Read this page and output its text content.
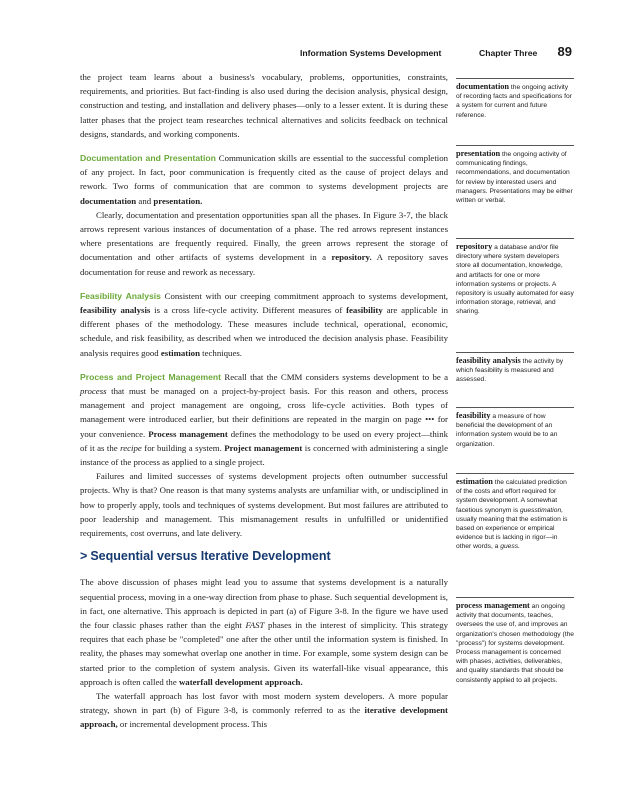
Information Systems Development	Chapter Three 89

the project team learns about a business's vocabulary, problems, opportunities, constraints, requirements, and priorities. But fact-finding is also used during the decision analysis, physical design, construction and testing, and installation and delivery phases—only to a lesser extent. It is during these latter phases that the project team researches technical alternatives and solicits feedback on technical designs, standards, and working components.

Documentation and Presentation Communication skills are essential to the successful completion of any project. In fact, poor communication is frequently cited as the cause of project delays and rework. Two forms of communication that are common to systems development projects are documentation and presentation.

Clearly, documentation and presentation opportunities span all the phases. In Figure 3-7, the black arrows represent various instances of documentation of a phase. The red arrows represent instances where presentations are frequently required. Finally, the green arrows represent the storage of documentation and other artifacts of systems development in a repository. A repository saves documentation for reuse and rework as necessary.

Feasibility Analysis Consistent with our creeping commitment approach to systems development, feasibility analysis is a cross life-cycle activity. Different measures of feasibility are applicable in different phases of the methodology. These measures include technical, operational, economic, schedule, and risk feasibility, as described when we introduced the decision analysis phase. Feasibility analysis requires good estimation techniques.

Process and Project Management Recall that the CMM considers systems development to be a process that must be managed on a project-by-project basis. For this reason and others, process management and project management are ongoing, cross life-cycle activities. Both types of management were introduced earlier, but their definitions are repeated in the margin on page ••• for your convenience. Process management defines the methodology to be used on every project—think of it as the recipe for building a system. Project management is concerned with administering a single instance of the process as applied to a single project.

Failures and limited successes of systems development projects often outnumber successful projects. Why is that? One reason is that many systems analysts are unfamiliar with, or undisciplined in how to properly apply, tools and techniques of systems development. But most failures are attributed to poor leadership and management. This mismanagement results in unfulfilled or unidentified requirements, cost overruns, and late delivery.

> Sequential versus Iterative Development

The above discussion of phases might lead you to assume that systems development is a naturally sequential process, moving in a one-way direction from phase to phase. Such sequential development is, in fact, one alternative. This approach is depicted in part (a) of Figure 3-8. In the figure we have used the four classic phases rather than the eight FAST phases in the interest of simplicity. This strategy requires that each phase be "completed" one after the other until the information system is finished. In reality, the phases may somewhat overlap one another in time. For example, some system design can be started prior to the completion of system analysis. Given its waterfall-like visual appearance, this approach is often called the waterfall development approach.

The waterfall approach has lost favor with most modern system developers. A more popular strategy, shown in part (b) of Figure 3-8, is commonly referred to as the iterative development approach, or incremental development process. This

documentation the ongoing activity of recording facts and specifications for a system for current and future reference.
presentation the ongoing activity of communicating findings, recommendations, and documentation for review by interested users and managers. Presentations may be either written or verbal.
repository a database and/or file directory where system developers store all documentation, knowledge, and artifacts for one or more information systems or projects. A repository is usually automated for easy information storage, retrieval, and sharing.
feasibility analysis the activity by which feasibility is measured and assessed.
feasibility a measure of how beneficial the development of an information system would be to an organization.
estimation the calculated prediction of the costs and effort required for system development. A somewhat facetious synonym is guesstimation, usually meaning that the estimation is based on experience or empirical evidence but is lacking in rigor—in other words, a guess.
process management an ongoing activity that documents, teaches, oversees the use of, and improves an organization's chosen methodology (the "process") for systems development. Process management is concerned with phases, activities, deliverables, and quality standards that should be consistently applied to all projects.
